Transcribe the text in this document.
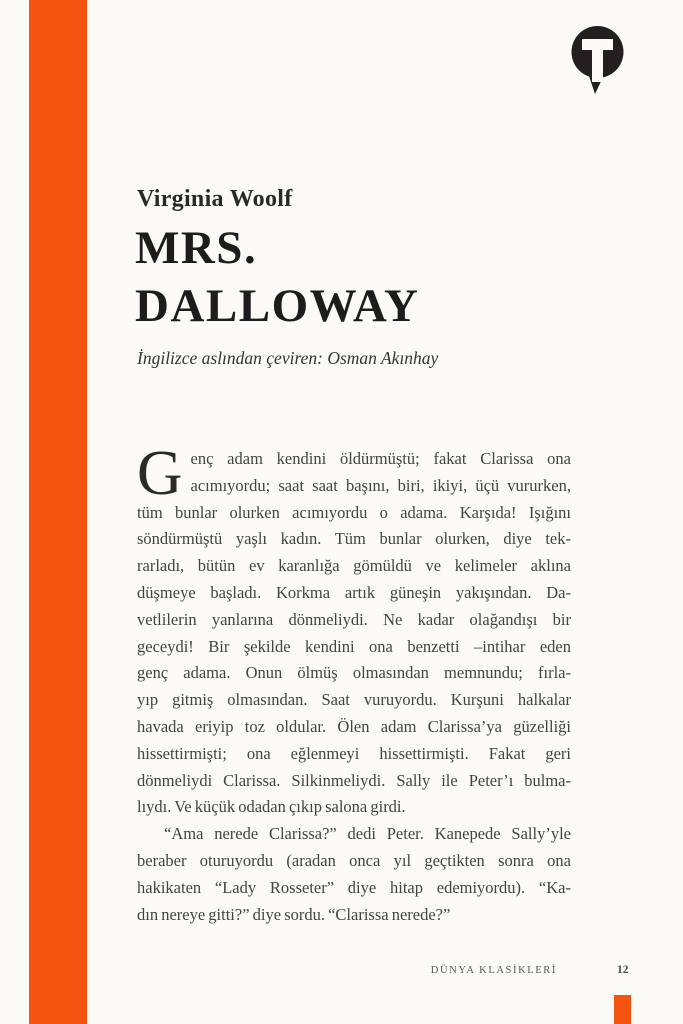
Virginia Woolf
MRS.
DALLOWAY
İngilizce aslından çeviren: Osman Akınhay
G enç adam kendini öldürmüştü; fakat Clarissa ona
acımıyordu; saat saat başını, biri, ikiyi, üçü vururken,
tüm bunlar olurken acımıyordu o adama. Karşıda! Işığını
söndürmüştü yaşlı kadın. Tüm bunlar olurken, diye tek-
rarladı, bütün ev karanlığa gömüldü ve kelimeler aklına
düşmeye başladı. Korkma artık güneşin yakışından. Da-
vetlilerin yanlarına dönmeliydi. Ne kadar olağandışı bir
geceydi! Bir şekilde kendini ona benzetti –intihar eden
genç adama. Onun ölmüş olmasından memnundu; fırla-
yıp gitmiş olmasından. Saat vuruyordu. Kurşuni halkalar
havada eriyip toz oldular. Ölen adam Clarissa’ya güzelliği
hissettirmişti; ona eğlenmeyi hissettirmişti. Fakat geri
dönmeliydi Clarissa. Silkinmeliydi. Sally ile Peter’ı bulma-
lıydı. Ve küçük odadan çıkıp salona girdi.
“Ama nerede Clarissa?” dedi Peter. Kanepede Sally’yle
beraber oturuyordu (aradan onca yıl geçtikten sonra ona
hakikaten “Lady Rosseter” diye hitap edemiyordu). “Ka-
dın nereye gitti?” diye sordu. “Clarissa nerede?”
DÜNYA KLASİKLERİ	12
